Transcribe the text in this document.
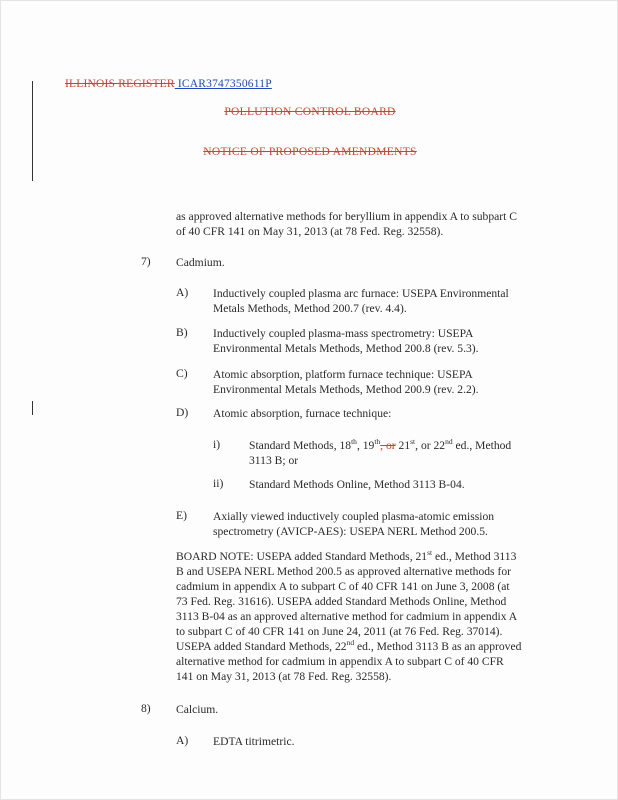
ILLINOIS REGISTER ICAR3747350611P
POLLUTION CONTROL BOARD
NOTICE OF PROPOSED AMENDMENTS
as approved alternative methods for beryllium in appendix A to subpart C
of 40 CFR 141 on May 31, 2013 (at 78 Fed. Reg. 32558).
7) Cadmium.
A) Inductively coupled plasma arc furnace: USEPA Environmental
Metals Methods, Method 200.7 (rev. 4.4).
B) Inductively coupled plasma-mass spectrometry: USEPA
Environmental Metals Methods, Method 200.8 (rev. 5.3).
C) Atomic absorption, platform furnace technique: USEPA
Environmental Metals Methods, Method 200.9 (rev. 2.2).
D) Atomic absorption, furnace technique:
i) Standard Methods, 18th, 19th, or 21st, or 22nd ed., Method
3113 B; or
ii) Standard Methods Online, Method 3113 B-04.
E) Axially viewed inductively coupled plasma-atomic emission
spectrometry (AVICP-AES): USEPA NERL Method 200.5.
BOARD NOTE: USEPA added Standard Methods, 21st ed., Method 3113
B and USEPA NERL Method 200.5 as approved alternative methods for
cadmium in appendix A to subpart C of 40 CFR 141 on June 3, 2008 (at
73 Fed. Reg. 31616). USEPA added Standard Methods Online, Method
3113 B-04 as an approved alternative method for cadmium in appendix A
to subpart C of 40 CFR 141 on June 24, 2011 (at 76 Fed. Reg. 37014).
USEPA added Standard Methods, 22nd ed., Method 3113 B as an approved
alternative method for cadmium in appendix A to subpart C of 40 CFR
141 on May 31, 2013 (at 78 Fed. Reg. 32558).
8) Calcium.
A) EDTA titrimetric.
